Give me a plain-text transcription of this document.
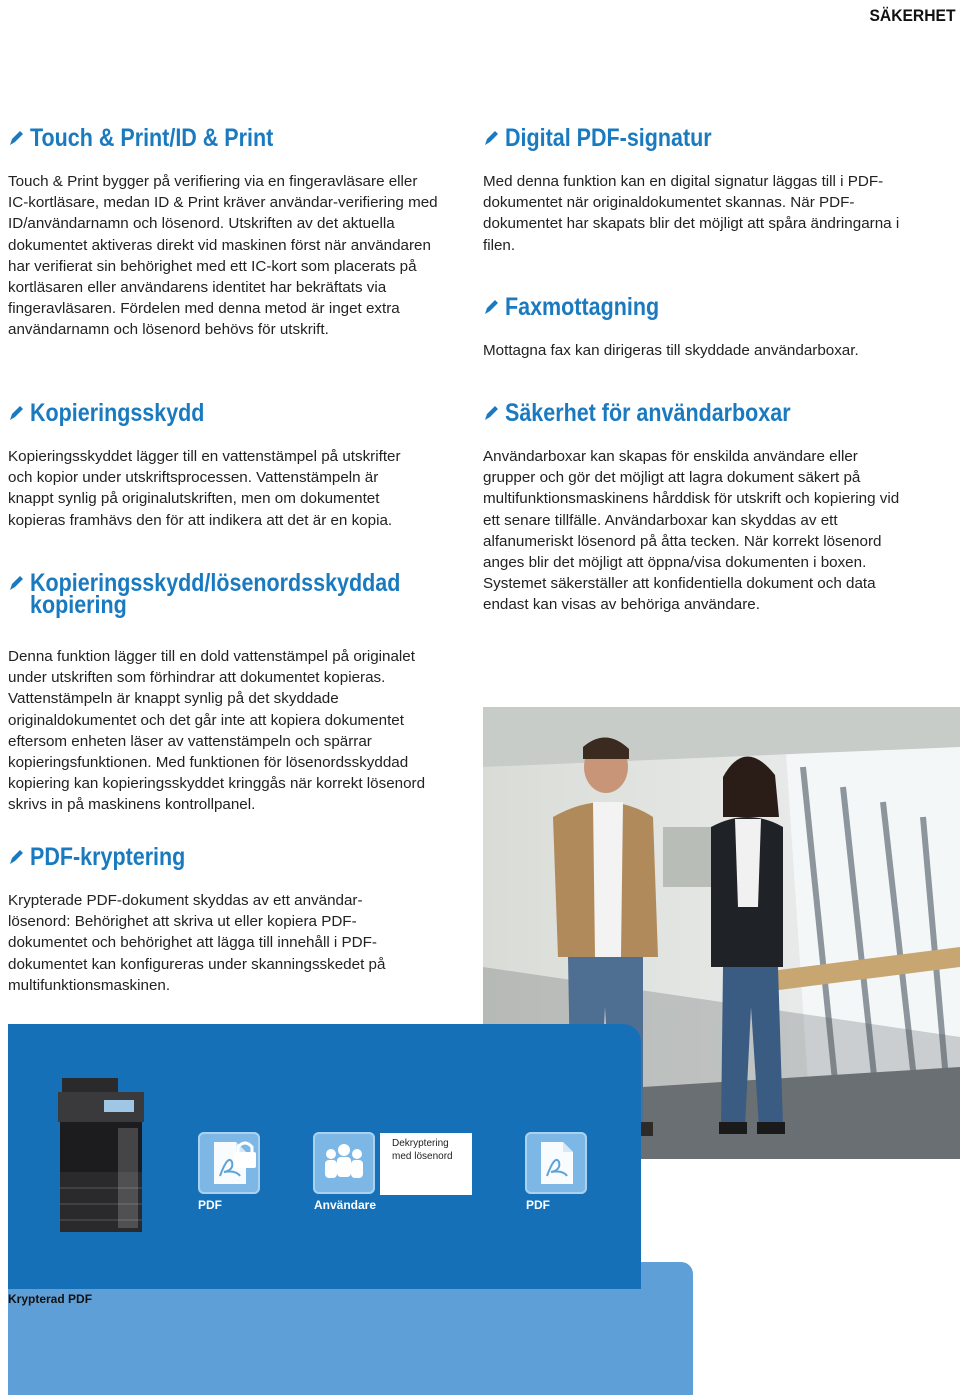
SÄKERHET
Touch & Print/ID & Print

Touch & Print bygger på verifiering via en fingeravläsare eller IC-kortläsare, medan ID & Print kräver användar-verifiering med ID/användarnamn och lösenord. Utskriften av det aktuella dokumentet aktiveras direkt vid maskinen först när användaren har verifierat sin behörighet med ett IC-kort som placerats på kortläsaren eller användarens identitet har bekräftats via fingeravläsaren. Fördelen med denna metod är inget extra användarnamn och lösenord behövs för utskrift.

Kopieringsskydd

Kopieringsskyddet lägger till en vattenstämpel på utskrifter och kopior under utskriftsprocessen. Vattenstämpeln är knappt synlig på originalutskriften, men om dokumentet kopieras framhävs den för att indikera att det är en kopia.

Kopieringsskydd/lösenordsskyddad
kopiering

Denna funktion lägger till en dold vattenstämpel på originalet under utskriften som förhindrar att dokumentet kopieras. Vattenstämpeln är knappt synlig på det skyddade originaldokumentet och det går inte att kopiera dokumentet eftersom enheten läser av vattenstämpeln och spärrar kopieringsfunktionen. Med funktionen för lösenordsskyddad kopiering kan kopieringsskyddet kringgås när korrekt lösenord skrivs in på maskinens kontrollpanel.

PDF-kryptering

Krypterade PDF-dokument skyddas av ett användar-lösenord: Behörighet att skriva ut eller kopiera PDF-dokumentet och behörighet att lägga till innehåll i PDF-dokumentet kan konfigureras under skanningsskedet på multifunktionsmaskinen.

Digital PDF-signatur

Med denna funktion kan en digital signatur läggas till i PDF-dokumentet när originaldokumentet skannas. När PDF-dokumentet har skapats blir det möjligt att spåra ändringarna i filen.

Faxmottagning

Mottagna fax kan dirigeras till skyddade användarboxar.

Säkerhet för användarboxar

Användarboxar kan skapas för enskilda användare eller grupper och gör det möjligt att lagra dokument säkert på multifunktionsmaskinens hårddisk för utskrift och kopiering vid ett senare tillfälle. Användarboxar kan skyddas av ett alfanumeriskt lösenord på åtta tecken. När korrekt lösenord anges blir det möjligt att öppna/visa dokumenten i boxen. Systemet säkerställer att konfidentiella dokument och data endast kan visas av behöriga användare.

Dekryptering
med lösenord
PDF	Användare	PDF
Krypterad PDF
